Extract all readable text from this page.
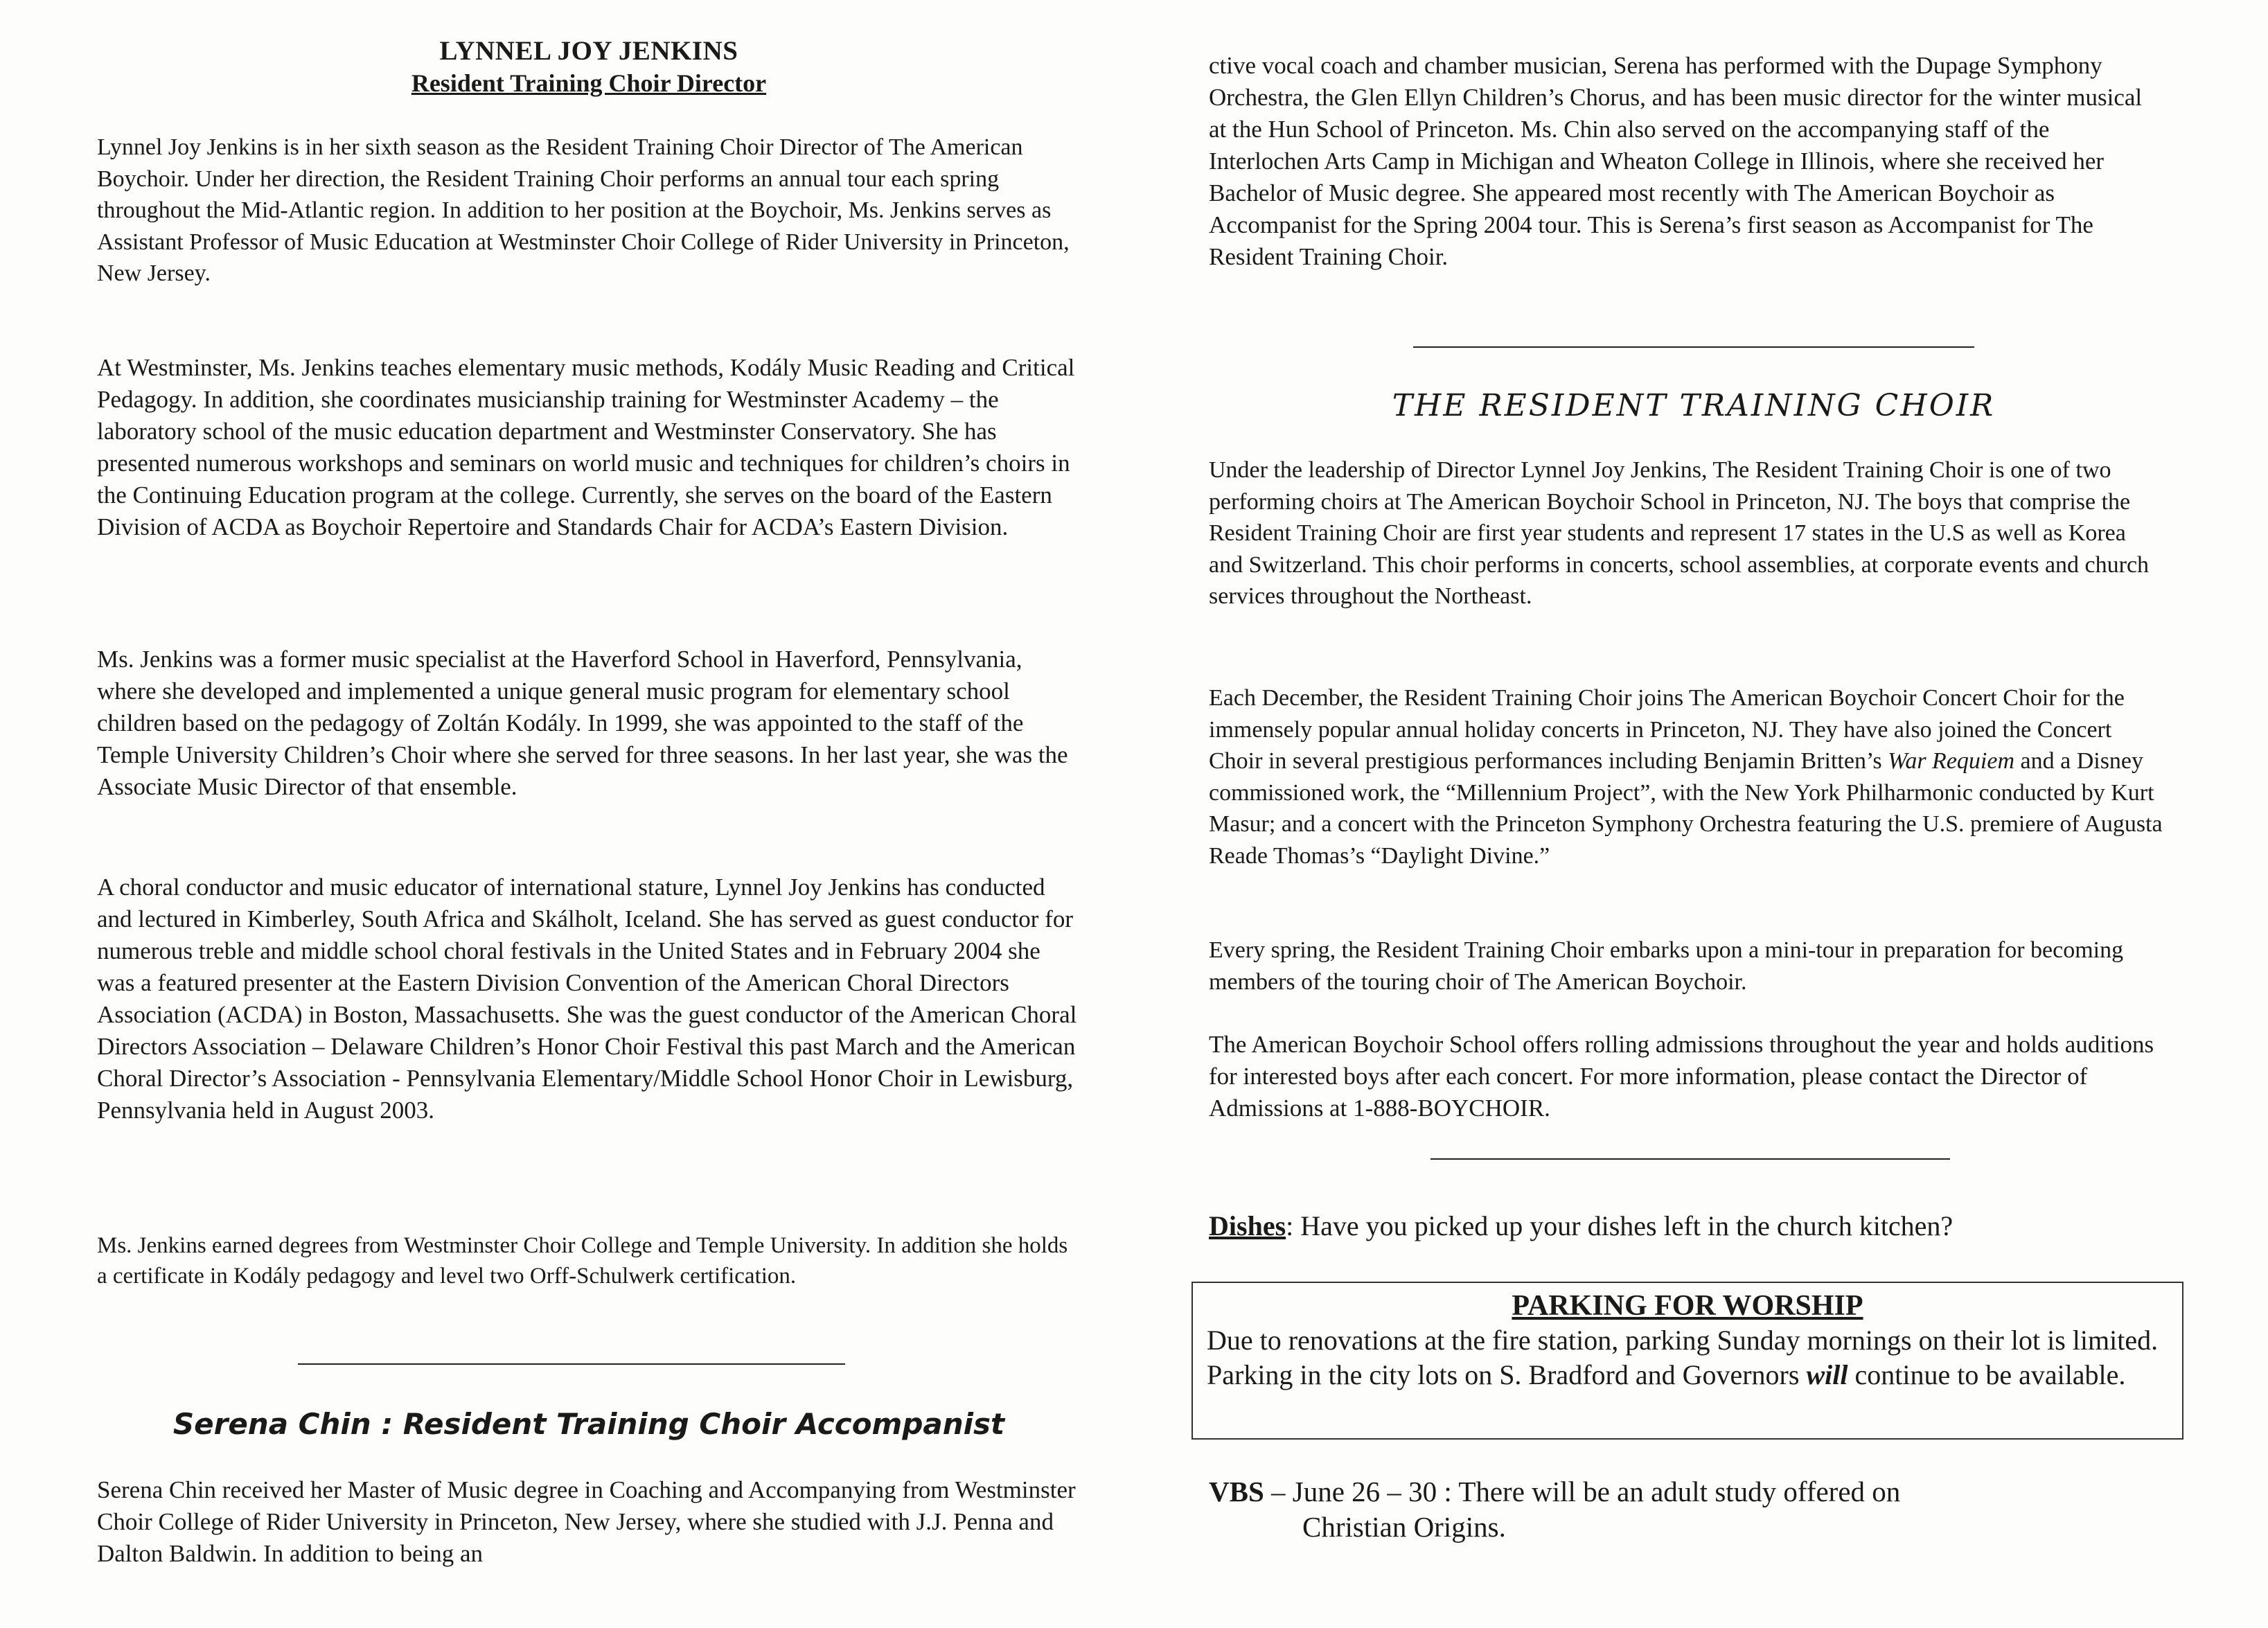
LYNNEL JOY JENKINS
Resident Training Choir Director

Lynnel Joy Jenkins is in her sixth season as the Resident Training Choir Director of The American Boychoir. Under her direction, the Resident Training Choir performs an annual tour each spring throughout the Mid-Atlantic region. In addition to her position at the Boychoir, Ms. Jenkins serves as Assistant Professor of Music Education at Westminster Choir College of Rider University in Princeton, New Jersey.

At Westminster, Ms. Jenkins teaches elementary music methods, Kodály Music Reading and Critical Pedagogy. In addition, she coordinates musicianship training for Westminster Academy – the laboratory school of the music education department and Westminster Conservatory. She has presented numerous workshops and seminars on world music and techniques for children’s choirs in the Continuing Education program at the college. Currently, she serves on the board of the Eastern Division of ACDA as Boychoir Repertoire and Standards Chair for ACDA’s Eastern Division.

Ms. Jenkins was a former music specialist at the Haverford School in Haverford, Pennsylvania, where she developed and implemented a unique general music program for elementary school children based on the pedagogy of Zoltán Kodály. In 1999, she was appointed to the staff of the Temple University Children’s Choir where she served for three seasons. In her last year, she was the Associate Music Director of that ensemble.

A choral conductor and music educator of international stature, Lynnel Joy Jenkins has conducted and lectured in Kimberley, South Africa and Skálholt, Iceland. She has served as guest conductor for numerous treble and middle school choral festivals in the United States and in February 2004 she was a featured presenter at the Eastern Division Convention of the American Choral Directors Association (ACDA) in Boston, Massachusetts. She was the guest conductor of the American Choral Directors Association – Delaware Children’s Honor Choir Festival this past March and the American Choral Director’s Association - Pennsylvania Elementary/Middle School Honor Choir in Lewisburg, Pennsylvania held in August 2003.

Ms. Jenkins earned degrees from Westminster Choir College and Temple University. In addition she holds a certificate in Kodály pedagogy and level two Orff-Schulwerk certification.

Serena Chin : Resident Training Choir Accompanist

Serena Chin received her Master of Music degree in Coaching and Accompanying from Westminster Choir College of Rider University in Princeton, New Jersey, where she studied with J.J. Penna and Dalton Baldwin. In addition to being an

ctive vocal coach and chamber musician, Serena has performed with the Dupage Symphony Orchestra, the Glen Ellyn Children’s Chorus, and has been music director for the winter musical at the Hun School of Princeton. Ms. Chin also served on the accompanying staff of the Interlochen Arts Camp in Michigan and Wheaton College in Illinois, where she received her Bachelor of Music degree. She appeared most recently with The American Boychoir as Accompanist for the Spring 2004 tour. This is Serena’s first season as Accompanist for The Resident Training Choir.

THE RESIDENT TRAINING CHOIR

Under the leadership of Director Lynnel Joy Jenkins, The Resident Training Choir is one of two performing choirs at The American Boychoir School in Princeton, NJ. The boys that comprise the Resident Training Choir are first year students and represent 17 states in the U.S as well as Korea and Switzerland. This choir performs in concerts, school assemblies, at corporate events and church services throughout the Northeast.

Each December, the Resident Training Choir joins The American Boychoir Concert Choir for the immensely popular annual holiday concerts in Princeton, NJ. They have also joined the Concert Choir in several prestigious performances including Benjamin Britten’s War Requiem and a Disney commissioned work, the “Millennium Project”, with the New York Philharmonic conducted by Kurt Masur; and a concert with the Princeton Symphony Orchestra featuring the U.S. premiere of Augusta Reade Thomas’s “Daylight Divine.”

Every spring, the Resident Training Choir embarks upon a mini-tour in preparation for becoming members of the touring choir of The American Boychoir.

The American Boychoir School offers rolling admissions throughout the year and holds auditions for interested boys after each concert. For more information, please contact the Director of Admissions at 1-888-BOYCHOIR.

Dishes: Have you picked up your dishes left in the church kitchen?

PARKING FOR WORSHIP

Due to renovations at the fire station, parking Sunday mornings on their lot is limited. Parking in the city lots on S. Bradford and Governors will continue to be available.

VBS – June 26 – 30 : There will be an adult study offered on
Christian Origins.
